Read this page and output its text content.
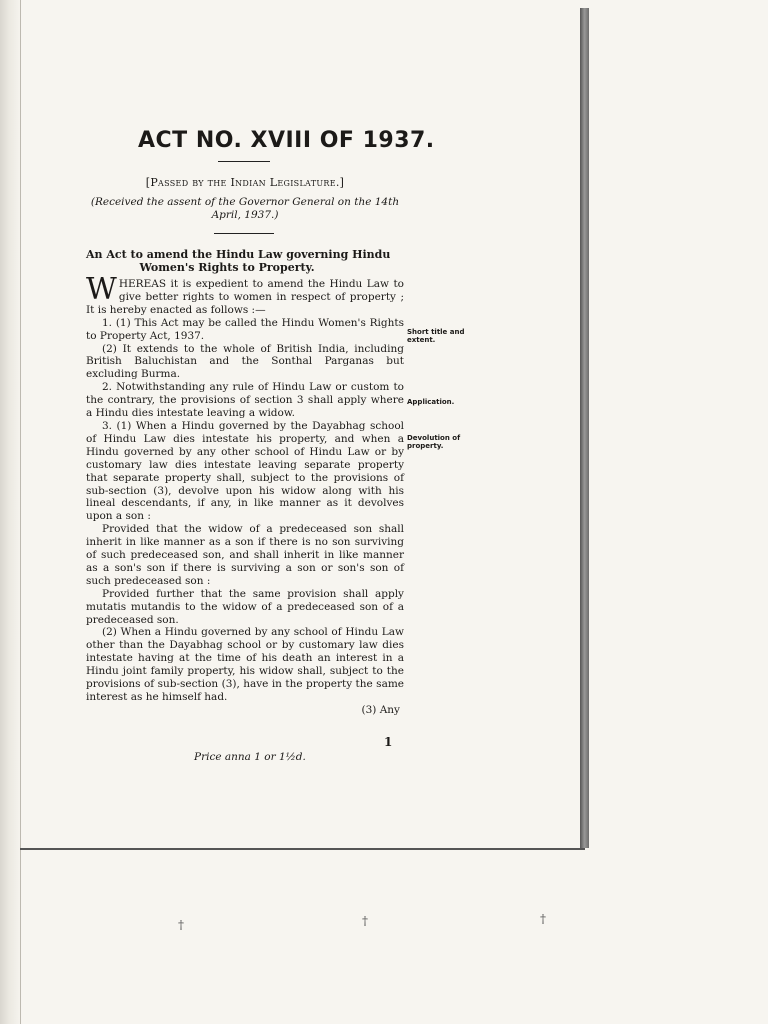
ACT NO. XVIII OF 1937.
[Passed by the Indian Legislature.]
(Received the assent of the Governor General on the 14th April, 1937.)
An Act to amend the Hindu Law governing Hindu
Women's Rights to Property.

WHEREAS it is expedient to amend the Hindu Law to give better rights to women in respect of property ; It is hereby enacted as follows :—

1. (1) This Act may be called the Hindu Women's Rights to Property Act, 1937.

(2) It extends to the whole of British India, including British Baluchistan and the Sonthal Parganas but excluding Burma.

2. Notwithstanding any rule of Hindu Law or custom to the contrary, the provisions of section 3 shall apply where a Hindu dies intestate leaving a widow.

3. (1) When a Hindu governed by the Dayabhag school of Hindu Law dies intestate his property, and when a Hindu governed by any other school of Hindu Law or by customary law dies intestate leaving separate property that separate property shall, subject to the provisions of sub-section (3), devolve upon his widow along with his lineal descendants, if any, in like manner as it devolves upon a son :

Provided that the widow of a predeceased son shall inherit in like manner as a son if there is no son surviving of such predeceased son, and shall inherit in like manner as a son's son if there is surviving a son or son's son of such predeceased son :

Provided further that the same provision shall apply mutatis mutandis to the widow of a predeceased son of a predeceased son.

(2) When a Hindu governed by any school of Hindu Law other than the Dayabhag school or by customary law dies intestate having at the time of his death an interest in a Hindu joint family property, his widow shall, subject to the provisions of sub-section (3), have in the property the same interest as he himself had.

(3) Any

1
Price anna 1 or 1½d.
Short title and extent.
Application.
Devolution of property.
†	†	†
